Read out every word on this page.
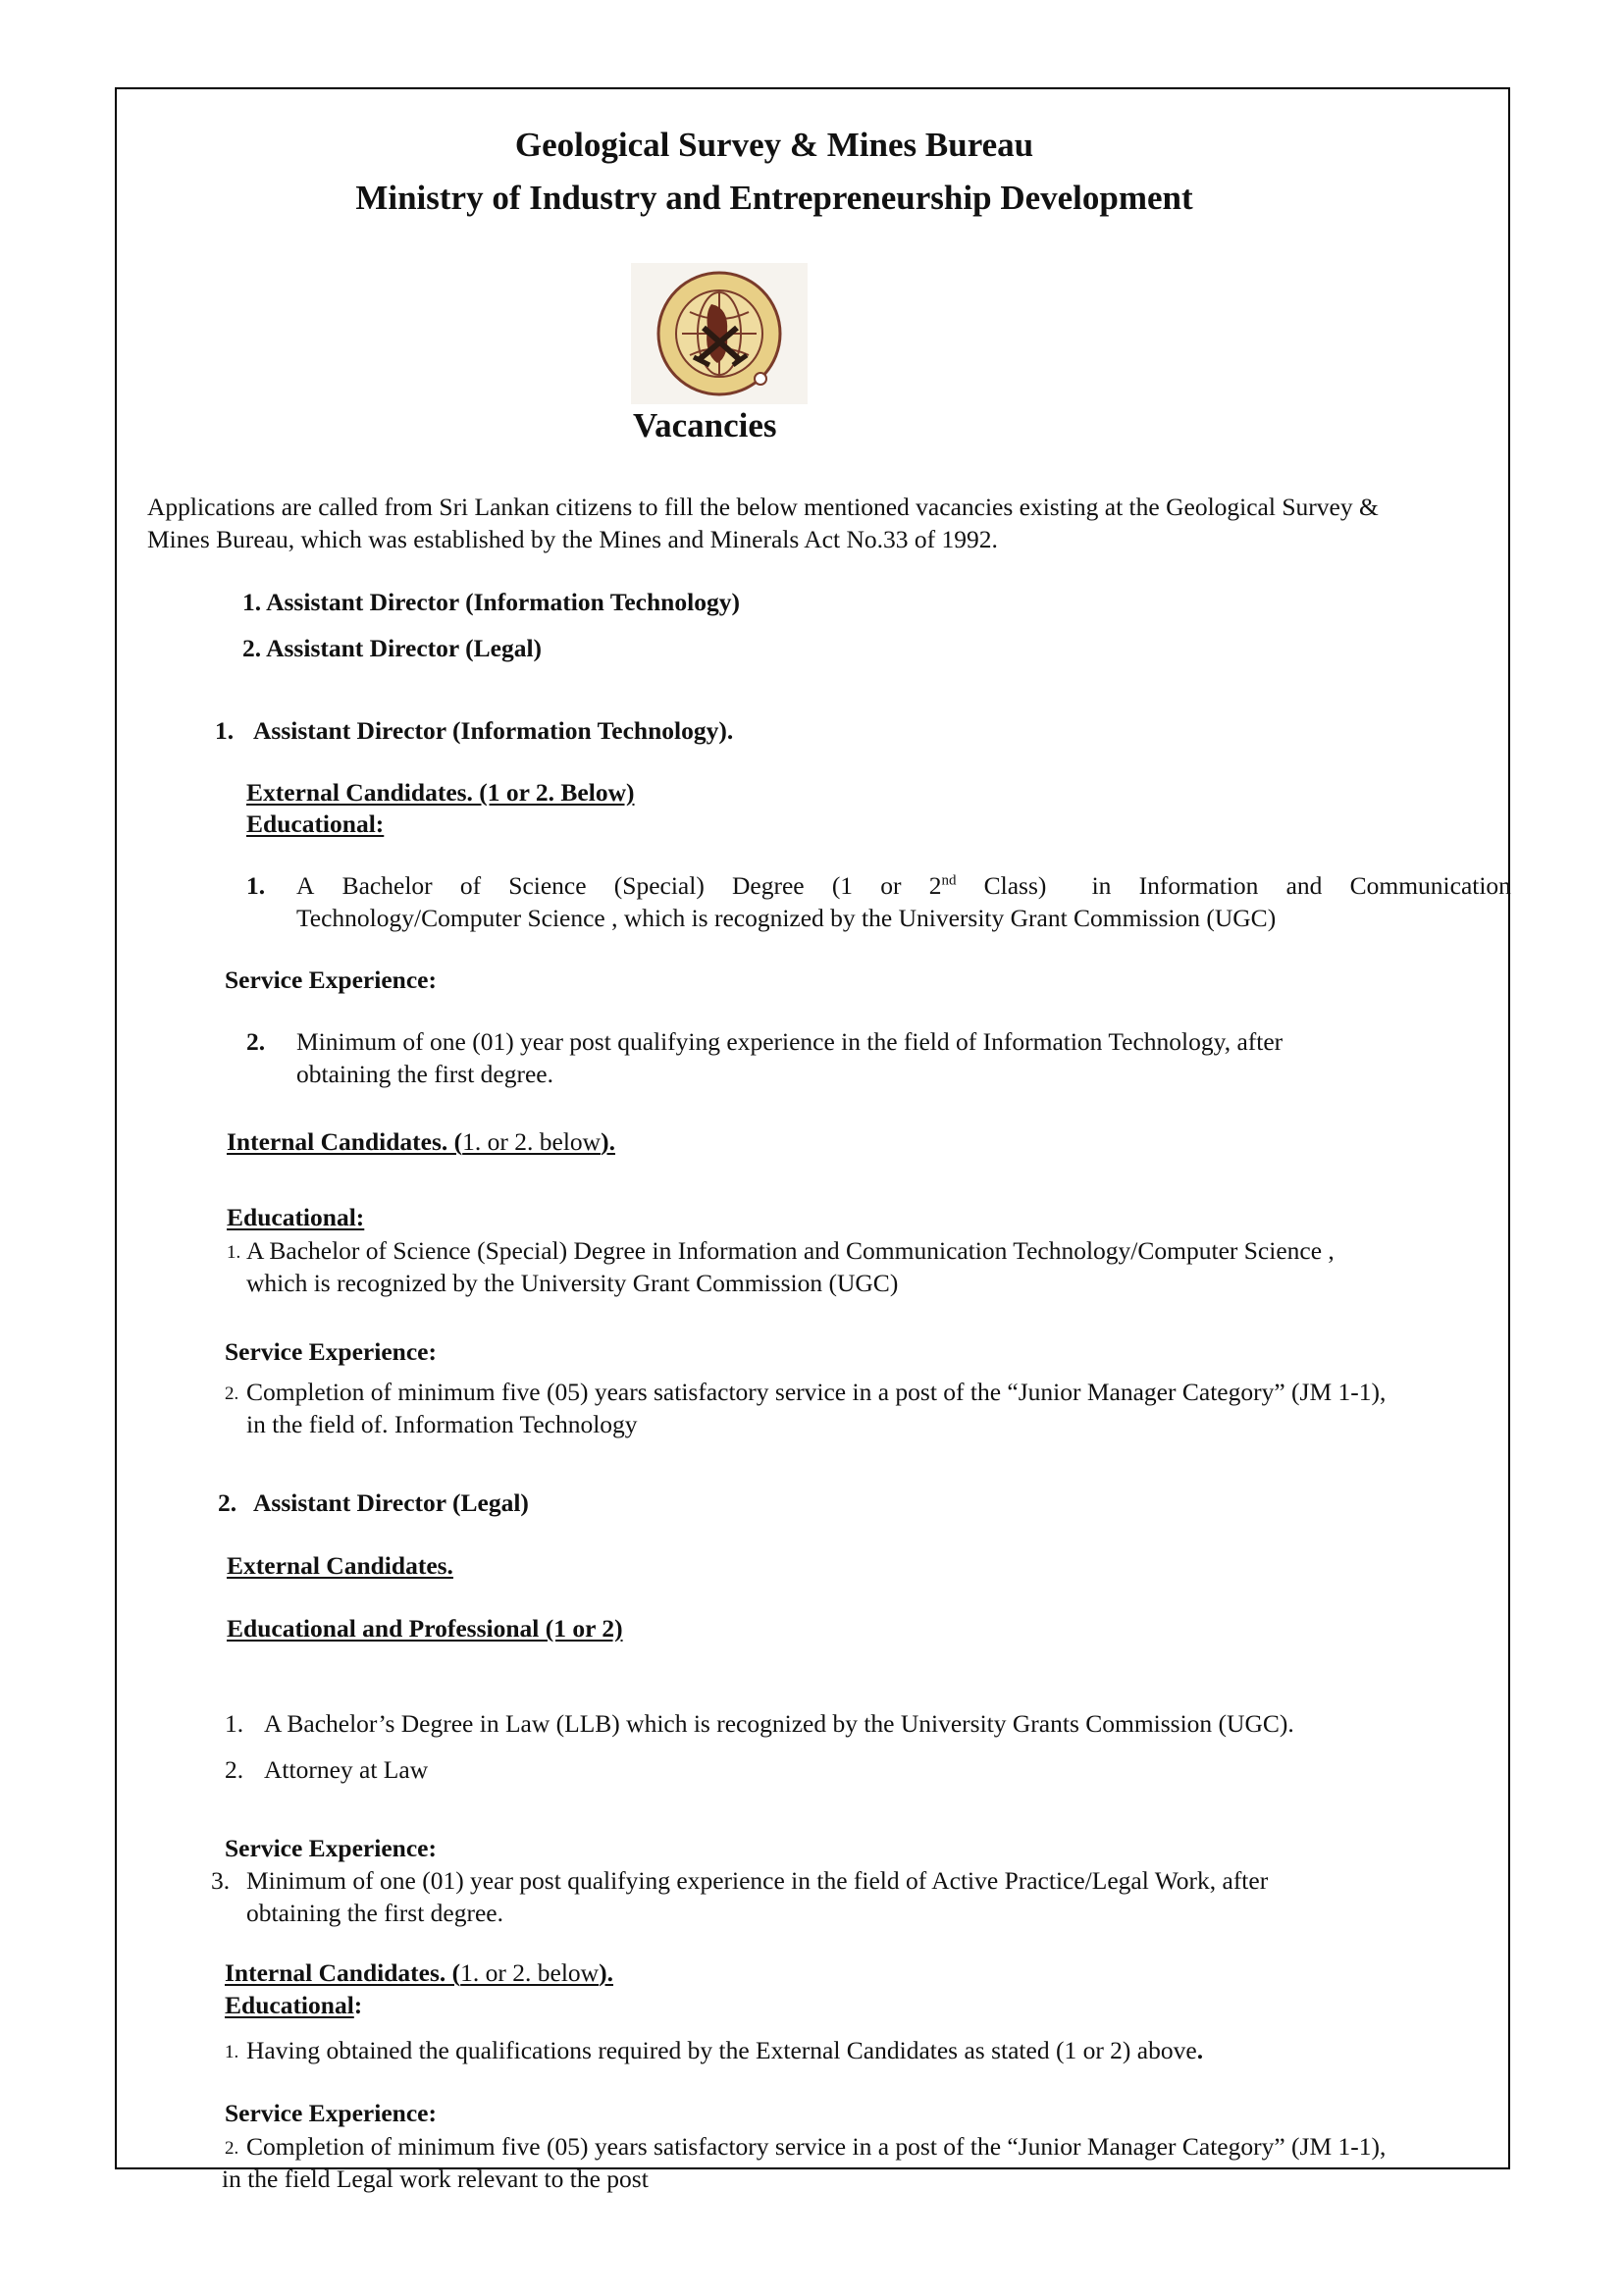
Geological Survey & Mines Bureau
Ministry of Industry and Entrepreneurship Development
Vacancies
Applications are called from Sri Lankan citizens to fill the below mentioned vacancies existing at the Geological Survey &
Mines Bureau, which was established by the Mines and Minerals Act No.33 of 1992.
1. Assistant Director (Information Technology)
2. Assistant Director (Legal)
1. Assistant Director (Information Technology).
External Candidates. (1 or 2. Below)
Educational:
1. A Bachelor of Science (Special) Degree (1 or 2nd Class) in Information and Communication
Technology/Computer Science , which is recognized by the University Grant Commission (UGC)
Service Experience:
2. Minimum of one (01) year post qualifying experience in the field of Information Technology, after
obtaining the first degree.
Internal Candidates. (1. or 2. below).
Educational:
1. A Bachelor of Science (Special) Degree in Information and Communication Technology/Computer Science ,
which is recognized by the University Grant Commission (UGC)
Service Experience:
2. Completion of minimum five (05) years satisfactory service in a post of the “Junior Manager Category” (JM 1-1),
in the field of. Information Technology
2. Assistant Director (Legal)
External Candidates.
Educational and Professional (1 or 2)
1. A Bachelor’s Degree in Law (LLB) which is recognized by the University Grants Commission (UGC).
2. Attorney at Law
Service Experience:
3. Minimum of one (01) year post qualifying experience in the field of Active Practice/Legal Work, after
obtaining the first degree.
Internal Candidates. (1. or 2. below).
Educational:
1. Having obtained the qualifications required by the External Candidates as stated (1 or 2) above.
Service Experience:
2. Completion of minimum five (05) years satisfactory service in a post of the “Junior Manager Category” (JM 1-1),
in the field Legal work relevant to the post
